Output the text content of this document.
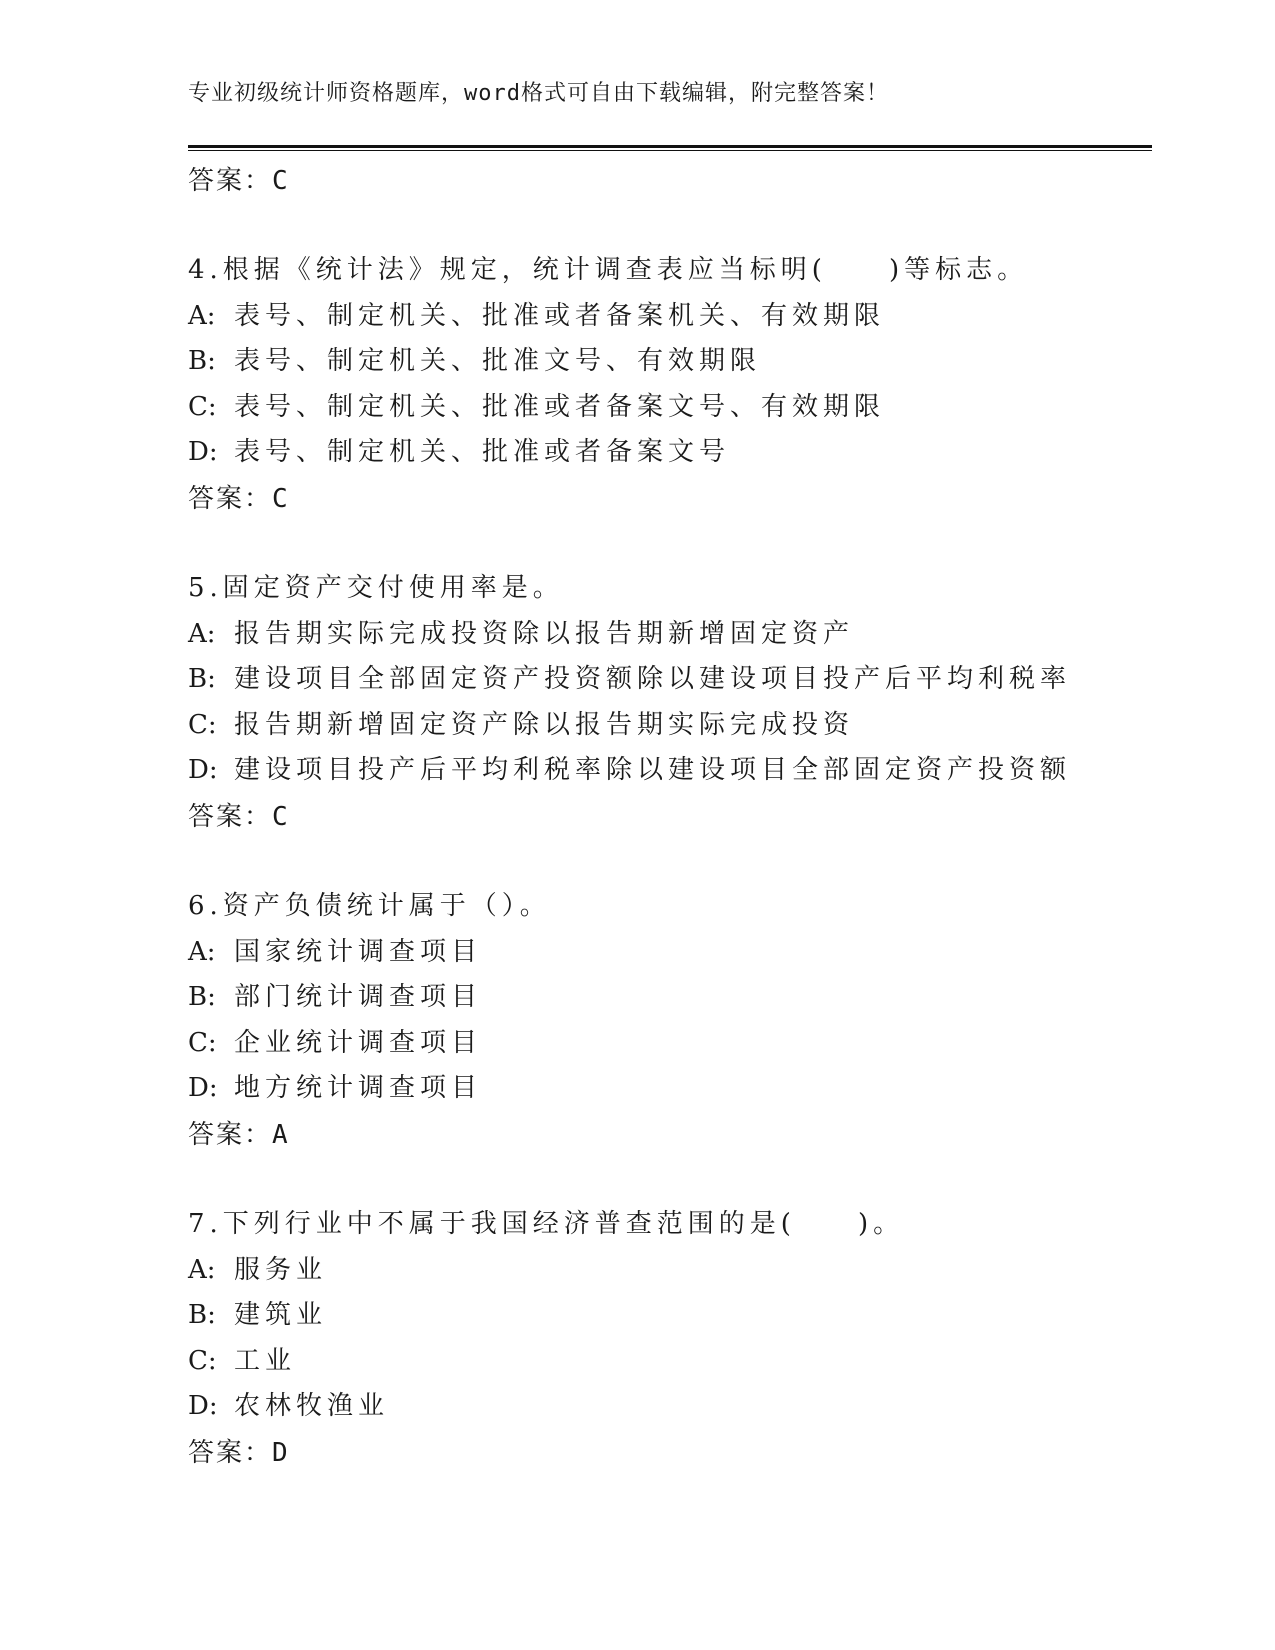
专业初级统计师资格题库，word格式可自由下载编辑，附完整答案！
答案：C
4.根据《统计法》规定，统计调查表应当标明(　　)等标志。
A: 表号、制定机关、批准或者备案机关、有效期限
B: 表号、制定机关、批准文号、有效期限
C: 表号、制定机关、批准或者备案文号、有效期限
D: 表号、制定机关、批准或者备案文号
答案：C
5.固定资产交付使用率是。
A: 报告期实际完成投资除以报告期新增固定资产
B: 建设项目全部固定资产投资额除以建设项目投产后平均利税率
C: 报告期新增固定资产除以报告期实际完成投资
D: 建设项目投产后平均利税率除以建设项目全部固定资产投资额
答案：C
6.资产负债统计属于（）。
A: 国家统计调查项目
B: 部门统计调查项目
C: 企业统计调查项目
D: 地方统计调查项目
答案：A
7.下列行业中不属于我国经济普查范围的是(　　)。
A: 服务业
B: 建筑业
C: 工业
D: 农林牧渔业
答案：D
